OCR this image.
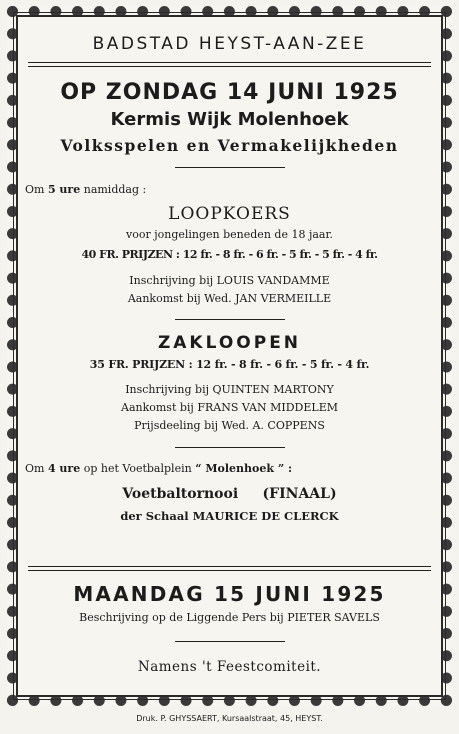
BADSTAD HEYST-AAN-ZEE
OP ZONDAG 14 JUNI 1925
Kermis Wijk Molenhoek
Volksspelen en Vermakelijkheden
Om 5 ure namiddag :
LOOPKOERS
voor jongelingen beneden de 18 jaar.
40 FR. PRIJZEN : 12 fr. - 8 fr. - 6 fr. - 5 fr. - 5 fr. - 4 fr.
Inschrijving bij LOUIS VANDAMME
Aankomst bij Wed. JAN VERMEILLE
ZAKLOOPEN
35 FR. PRIJZEN : 12 fr. - 8 fr. - 6 fr. - 5 fr. - 4 fr.
Inschrijving bij QUINTEN MARTONY
Aankomst bij FRANS VAN MIDDELEM
Prijsdeeling bij Wed. A. COPPENS
Om 4 ure op het Voetbalplein “ Molenhoek ” :
Voetbaltornooi     (FINAAL)
der Schaal MAURICE DE CLERCK
MAANDAG 15 JUNI 1925
Beschrijving op de Liggende Pers bij PIETER SAVELS
Namens 't Feestcomiteit.
Druk. P. GHYSSAERT, Kursaalstraat, 45, HEYST.
